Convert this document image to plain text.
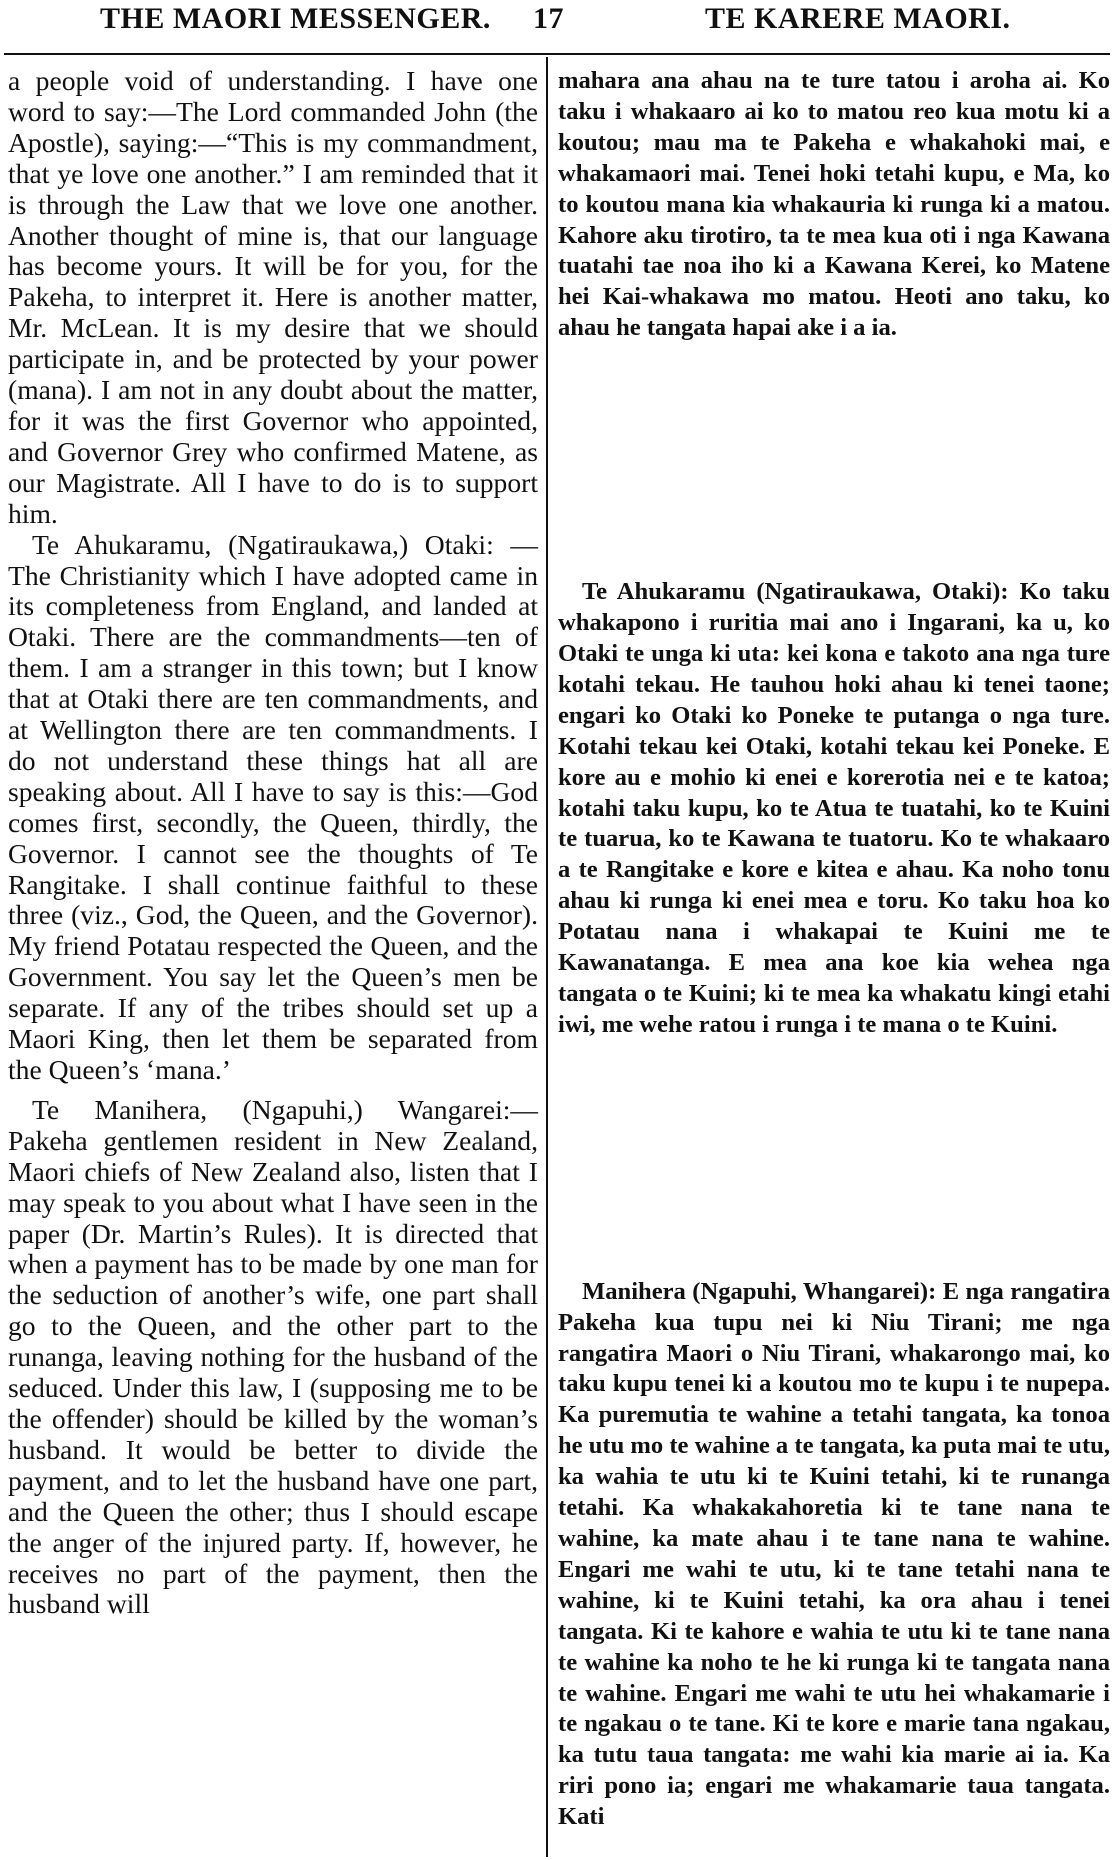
THE MAORI MESSENGER. 17	TE KARERE MAORI.

a people void of understanding. I have one word to say:—The Lord commanded John (the Apostle), saying:—“This is my commandment, that ye love one another.” I am reminded that it is through the Law that we love one another. Another thought of mine is, that our language has become yours. It will be for you, for the Pakeha, to interpret it. Here is another matter, Mr. McLean. It is my desire that we should participate in, and be protected by your power (mana). I am not in any doubt about the matter, for it was the first Governor who appointed, and Governor Grey who confirmed Matene, as our Magistrate. All I have to do is to support him.

Te Ahukaramu, (Ngatiraukawa,) Otaki: —The Christianity which I have adopted came in its completeness from England, and landed at Otaki. There are the commandments—ten of them. I am a stranger in this town; but I know that at Otaki there are ten commandments, and at Wellington there are ten commandments. I do not understand these things hat all are speaking about. All I have to say is this:—God comes first, secondly, the Queen, thirdly, the Governor. I cannot see the thoughts of Te Rangitake. I shall continue faithful to these three (viz., God, the Queen, and the Governor). My friend Potatau respected the Queen, and the Government. You say let the Queen’s men be separate. If any of the tribes should set up a Maori King, then let them be separated from the Queen’s ‘mana.’

Te Manihera, (Ngapuhi,) Wangarei:— Pakeha gentlemen resident in New Zealand, Maori chiefs of New Zealand also, listen that I may speak to you about what I have seen in the paper (Dr. Martin’s Rules). It is directed that when a payment has to be made by one man for the seduction of another’s wife, one part shall go to the Queen, and the other part to the runanga, leaving nothing for the husband of the seduced. Under this law, I (supposing me to be the offender) should be killed by the woman’s husband. It would be better to divide the payment, and to let the husband have one part, and the Queen the other; thus I should escape the anger of the injured party. If, however, he receives no part of the payment, then the husband will

mahara ana ahau na te ture tatou i aroha ai. Ko taku i whakaaro ai ko to matou reo kua motu ki a koutou; mau ma te Pakeha e whakahoki mai, e whakamaori mai. Tenei hoki tetahi kupu, e Ma, ko to koutou mana kia whakauria ki runga ki a matou. Kahore aku tirotiro, ta te mea kua oti i nga Kawana tuatahi tae noa iho ki a Kawana Kerei, ko Matene hei Kai-whakawa mo matou. Heoti ano taku, ko ahau he tangata hapai ake i a ia.

Te Ahukaramu (Ngatiraukawa, Otaki): Ko taku whakapono i ruritia mai ano i Ingarani, ka u, ko Otaki te unga ki uta: kei kona e takoto ana nga ture kotahi tekau. He tauhou hoki ahau ki tenei taone; engari ko Otaki ko Poneke te putanga o nga ture. Kotahi tekau kei Otaki, kotahi tekau kei Poneke. E kore au e mohio ki enei e korerotia nei e te katoa; kotahi taku kupu, ko te Atua te tuatahi, ko te Kuini te tuarua, ko te Kawana te tuatoru. Ko te whakaaro a te Rangitake e kore e kitea e ahau. Ka noho tonu ahau ki runga ki enei mea e toru. Ko taku hoa ko Potatau nana i whakapai te Kuini me te Kawanatanga. E mea ana koe kia wehea nga tangata o te Kuini; ki te mea ka whakatu kingi etahi iwi, me wehe ratou i runga i te mana o te Kuini.

Manihera (Ngapuhi, Whangarei): E nga rangatira Pakeha kua tupu nei ki Niu Tirani; me nga rangatira Maori o Niu Tirani, whakarongo mai, ko taku kupu tenei ki a koutou mo te kupu i te nupepa. Ka puremutia te wahine a tetahi tangata, ka tonoa he utu mo te wahine a te tangata, ka puta mai te utu, ka wahia te utu ki te Kuini tetahi, ki te runanga tetahi. Ka whakakahoretia ki te tane nana te wahine, ka mate ahau i te tane nana te wahine. Engari me wahi te utu, ki te tane tetahi nana te wahine, ki te Kuini tetahi, ka ora ahau i tenei tangata. Ki te kahore e wahia te utu ki te tane nana te wahine ka noho te he ki runga ki te tangata nana te wahine. Engari me wahi te utu hei whakamarie i te ngakau o te tane. Ki te kore e marie tana ngakau, ka tutu taua tangata: me wahi kia marie ai ia. Ka riri pono ia; engari me whakamarie taua tangata. Kati
